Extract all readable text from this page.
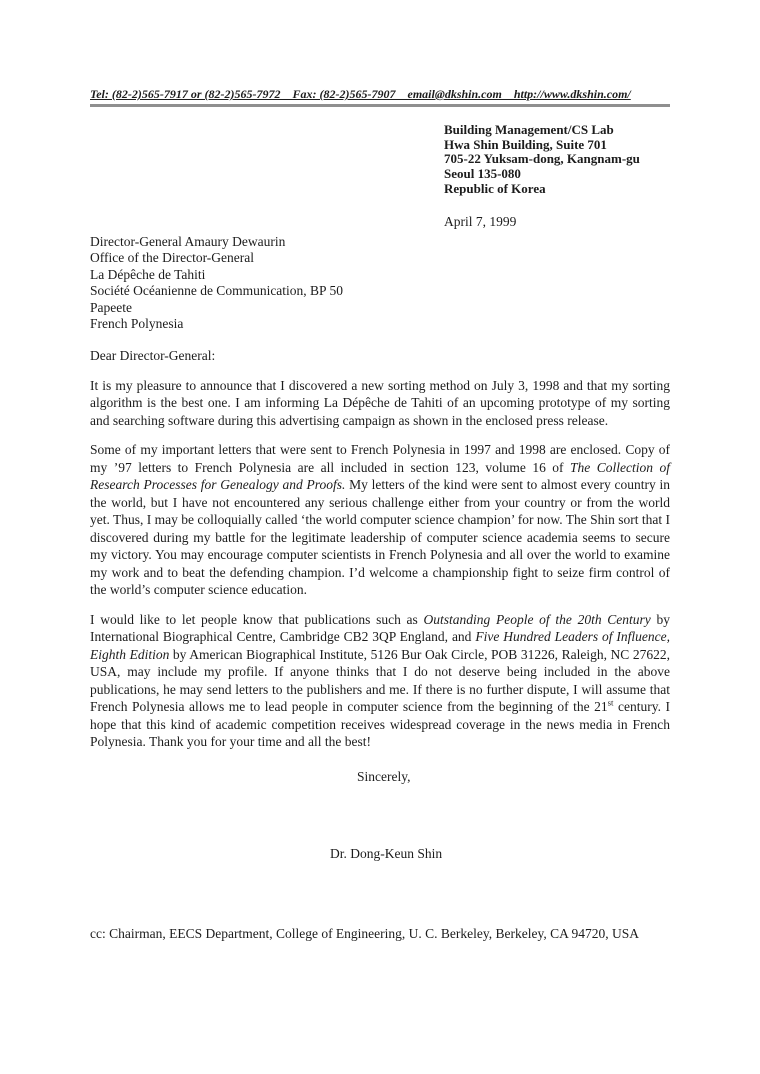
Tel: (82-2)565-7917 or (82-2)565-7972    Fax: (82-2)565-7907    email@dkshin.com    http://www.dkshin.com/
Building Management/CS Lab
Hwa Shin Building, Suite 701
705-22 Yuksam-dong, Kangnam-gu
Seoul 135-080
Republic of Korea
April 7, 1999
Director-General Amaury Dewaurin
Office of the Director-General
La Dépêche de Tahiti
Société Océanienne de Communication, BP 50
Papeete
French Polynesia
Dear Director-General:

It is my pleasure to announce that I discovered a new sorting method on July 3, 1998 and that my sorting algorithm is the best one. I am informing La Dépêche de Tahiti of an upcoming prototype of my sorting and searching software during this advertising campaign as shown in the enclosed press release.

Some of my important letters that were sent to French Polynesia in 1997 and 1998 are enclosed. Copy of my ’97 letters to French Polynesia are all included in section 123, volume 16 of The Collection of Research Processes for Genealogy and Proofs. My letters of the kind were sent to almost every country in the world, but I have not encountered any serious challenge either from your country or from the world yet. Thus, I may be colloquially called ‘the world computer science champion’ for now. The Shin sort that I discovered during my battle for the legitimate leadership of computer science academia seems to secure my victory. You may encourage computer scientists in French Polynesia and all over the world to examine my work and to beat the defending champion. I’d welcome a championship fight to seize firm control of the world’s computer science education.

I would like to let people know that publications such as Outstanding People of the 20th Century by International Biographical Centre, Cambridge CB2 3QP England, and Five Hundred Leaders of Influence, Eighth Edition by American Biographical Institute, 5126 Bur Oak Circle, POB 31226, Raleigh, NC 27622, USA, may include my profile. If anyone thinks that I do not deserve being included in the above publications, he may send letters to the publishers and me. If there is no further dispute, I will assume that French Polynesia allows me to lead people in computer science from the beginning of the 21st century. I hope that this kind of academic competition receives widespread coverage in the news media in French Polynesia. Thank you for your time and all the best!

Sincerely,
Dr. Dong-Keun Shin
cc: Chairman, EECS Department, College of Engineering, U. C. Berkeley, Berkeley, CA 94720, USA
